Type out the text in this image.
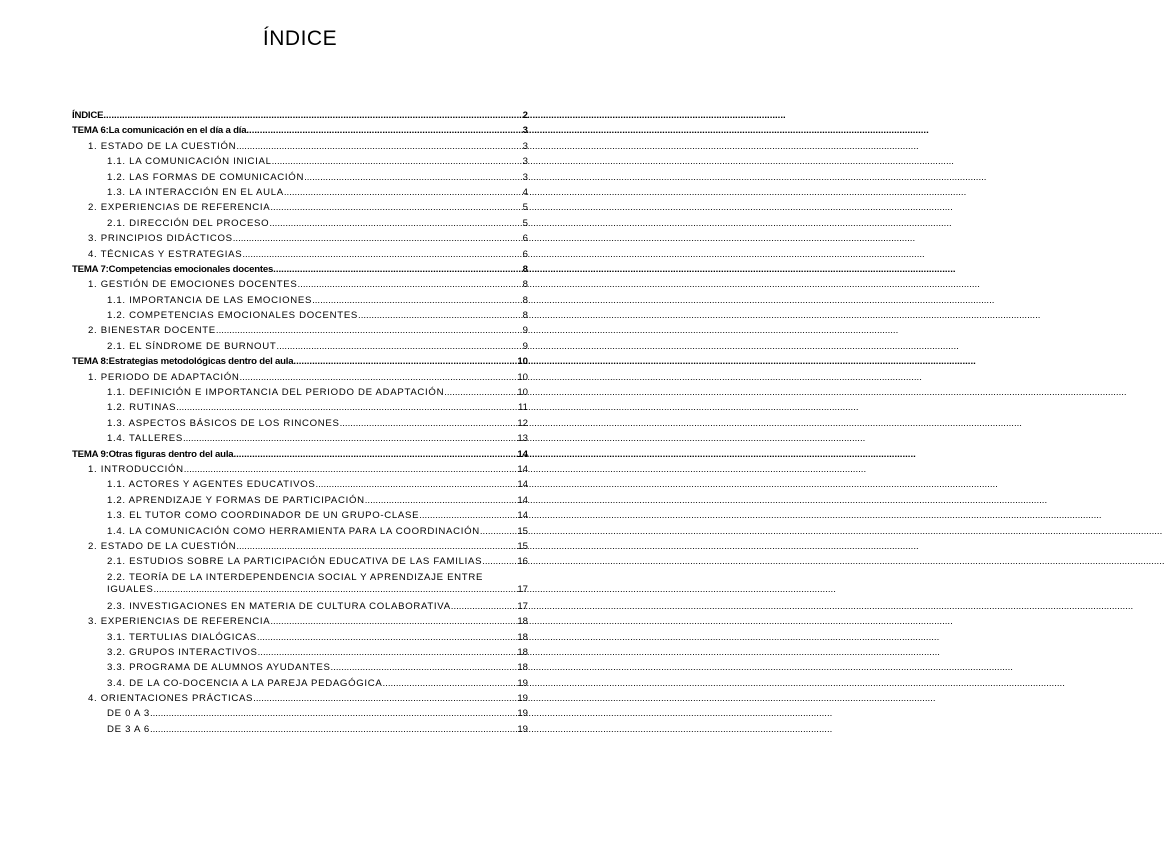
ÍNDICE
ÍNDICE .....	2
TEMA 6:La comunicación en el día a día .....	3
1. ESTADO DE LA CUESTIÓN .....	3
1.1. LA COMUNICACIÓN INICIAL .....	3
1.2. LAS FORMAS DE COMUNICACIÓN .....	3
1.3. LA INTERACCIÓN EN EL AULA .....	4
2. EXPERIENCIAS DE REFERENCIA .....	5
2.1. DIRECCIÓN DEL PROCESO .....	5
3. PRINCIPIOS DIDÁCTICOS .....	6
4. TÉCNICAS Y ESTRATEGIAS .....	6
TEMA 7:Competencias emocionales docentes .....	8
1. GESTIÓN DE EMOCIONES DOCENTES .....	8
1.1. IMPORTANCIA DE LAS EMOCIONES .....	8
1.2. COMPETENCIAS EMOCIONALES DOCENTES .....	8
2. BIENESTAR DOCENTE .....	9
2.1. EL SÍNDROME DE BURNOUT .....	9
TEMA 8:Estrategias metodológicas dentro del aula .....	10
1. PERIODO DE ADAPTACIÓN .....	10
1.1. DEFINICIÓN E IMPORTANCIA DEL PERIODO DE ADAPTACIÓN .....	10
1.2. RUTINAS .....	11
1.3. ASPECTOS BÁSICOS DE LOS RINCONES .....	12
1.4. TALLERES .....	13
TEMA 9:Otras figuras dentro del aula .....	14
1. INTRODUCCIÓN .....	14
1.1. ACTORES Y AGENTES EDUCATIVOS .....	14
1.2. APRENDIZAJE Y FORMAS DE PARTICIPACIÓN .....	14
1.3. EL TUTOR COMO COORDINADOR DE UN GRUPO-CLASE .....	14
1.4. LA COMUNICACIÓN COMO HERRAMIENTA PARA LA COORDINACIÓN .....	15
2. ESTADO DE LA CUESTIÓN .....	15
2.1. ESTUDIOS SOBRE LA PARTICIPACIÓN EDUCATIVA DE LAS FAMILIAS .....	16
2.2. TEORÍA DE LA INTERDEPENDENCIA SOCIAL Y APRENDIZAJE ENTRE
IGUALES .....	17
2.3. INVESTIGACIONES EN MATERIA DE CULTURA COLABORATIVA .....	17
3. EXPERIENCIAS DE REFERENCIA .....	18
3.1. TERTULIAS DIALÓGICAS .....	18
3.2. GRUPOS INTERACTIVOS .....	18
3.3. PROGRAMA DE ALUMNOS AYUDANTES .....	18
3.4. DE LA CO-DOCENCIA A LA PAREJA PEDAGÓGICA .....	19
4. ORIENTACIONES PRÁCTICAS .....	19
DE 0 A 3 .....	19
DE 3 A 6 .....	19
